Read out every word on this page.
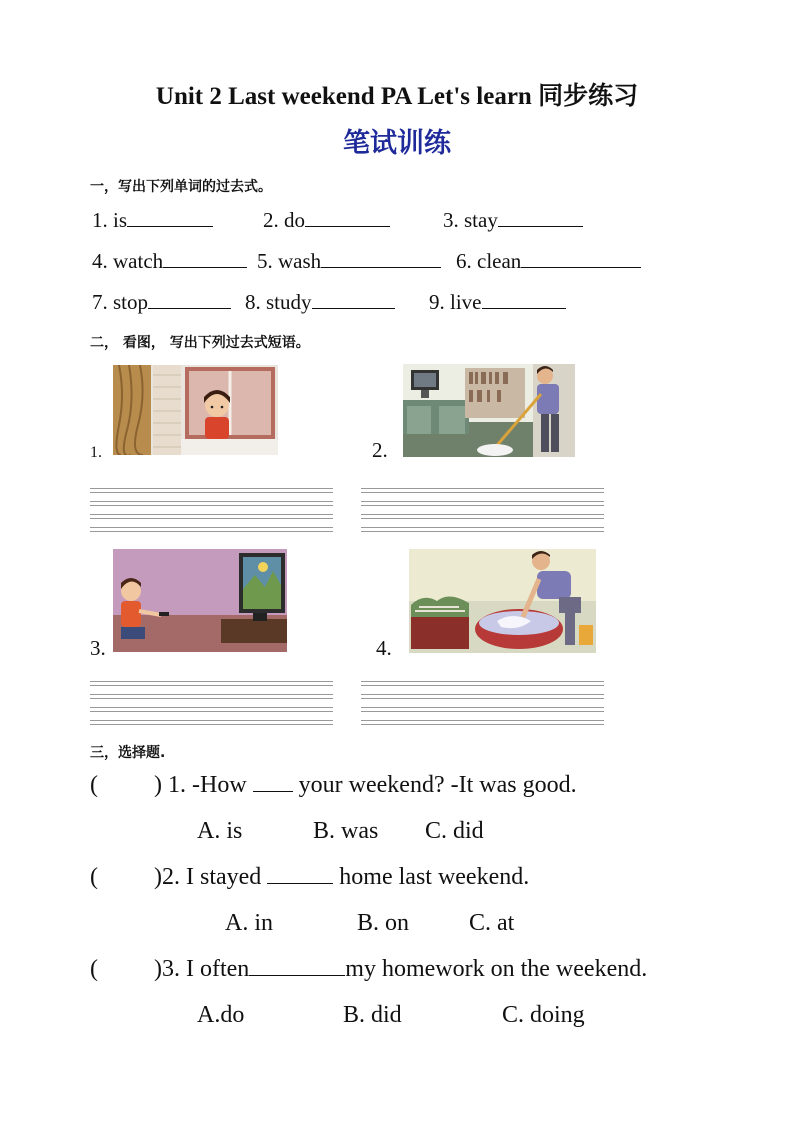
Unit 2 Last weekend PA Let's learn 同步练习
笔试训练
一，写出下列单词的过去式。
1. is	2. do	3. stay
4. watch	5. wash	6. clean
7. stop	8. study	9. live
二， 看图， 写出下列过去式短语。
1.	2.
3.	4.
三，选择题.
( ) 1. -How your weekend? -It was good.
A. is	B. was C. did
( )2. I stayed	home last weekend.
A. in	B. on C. at
( )3. I often	my homework on the weekend.
A.do	B. did	C. doing
